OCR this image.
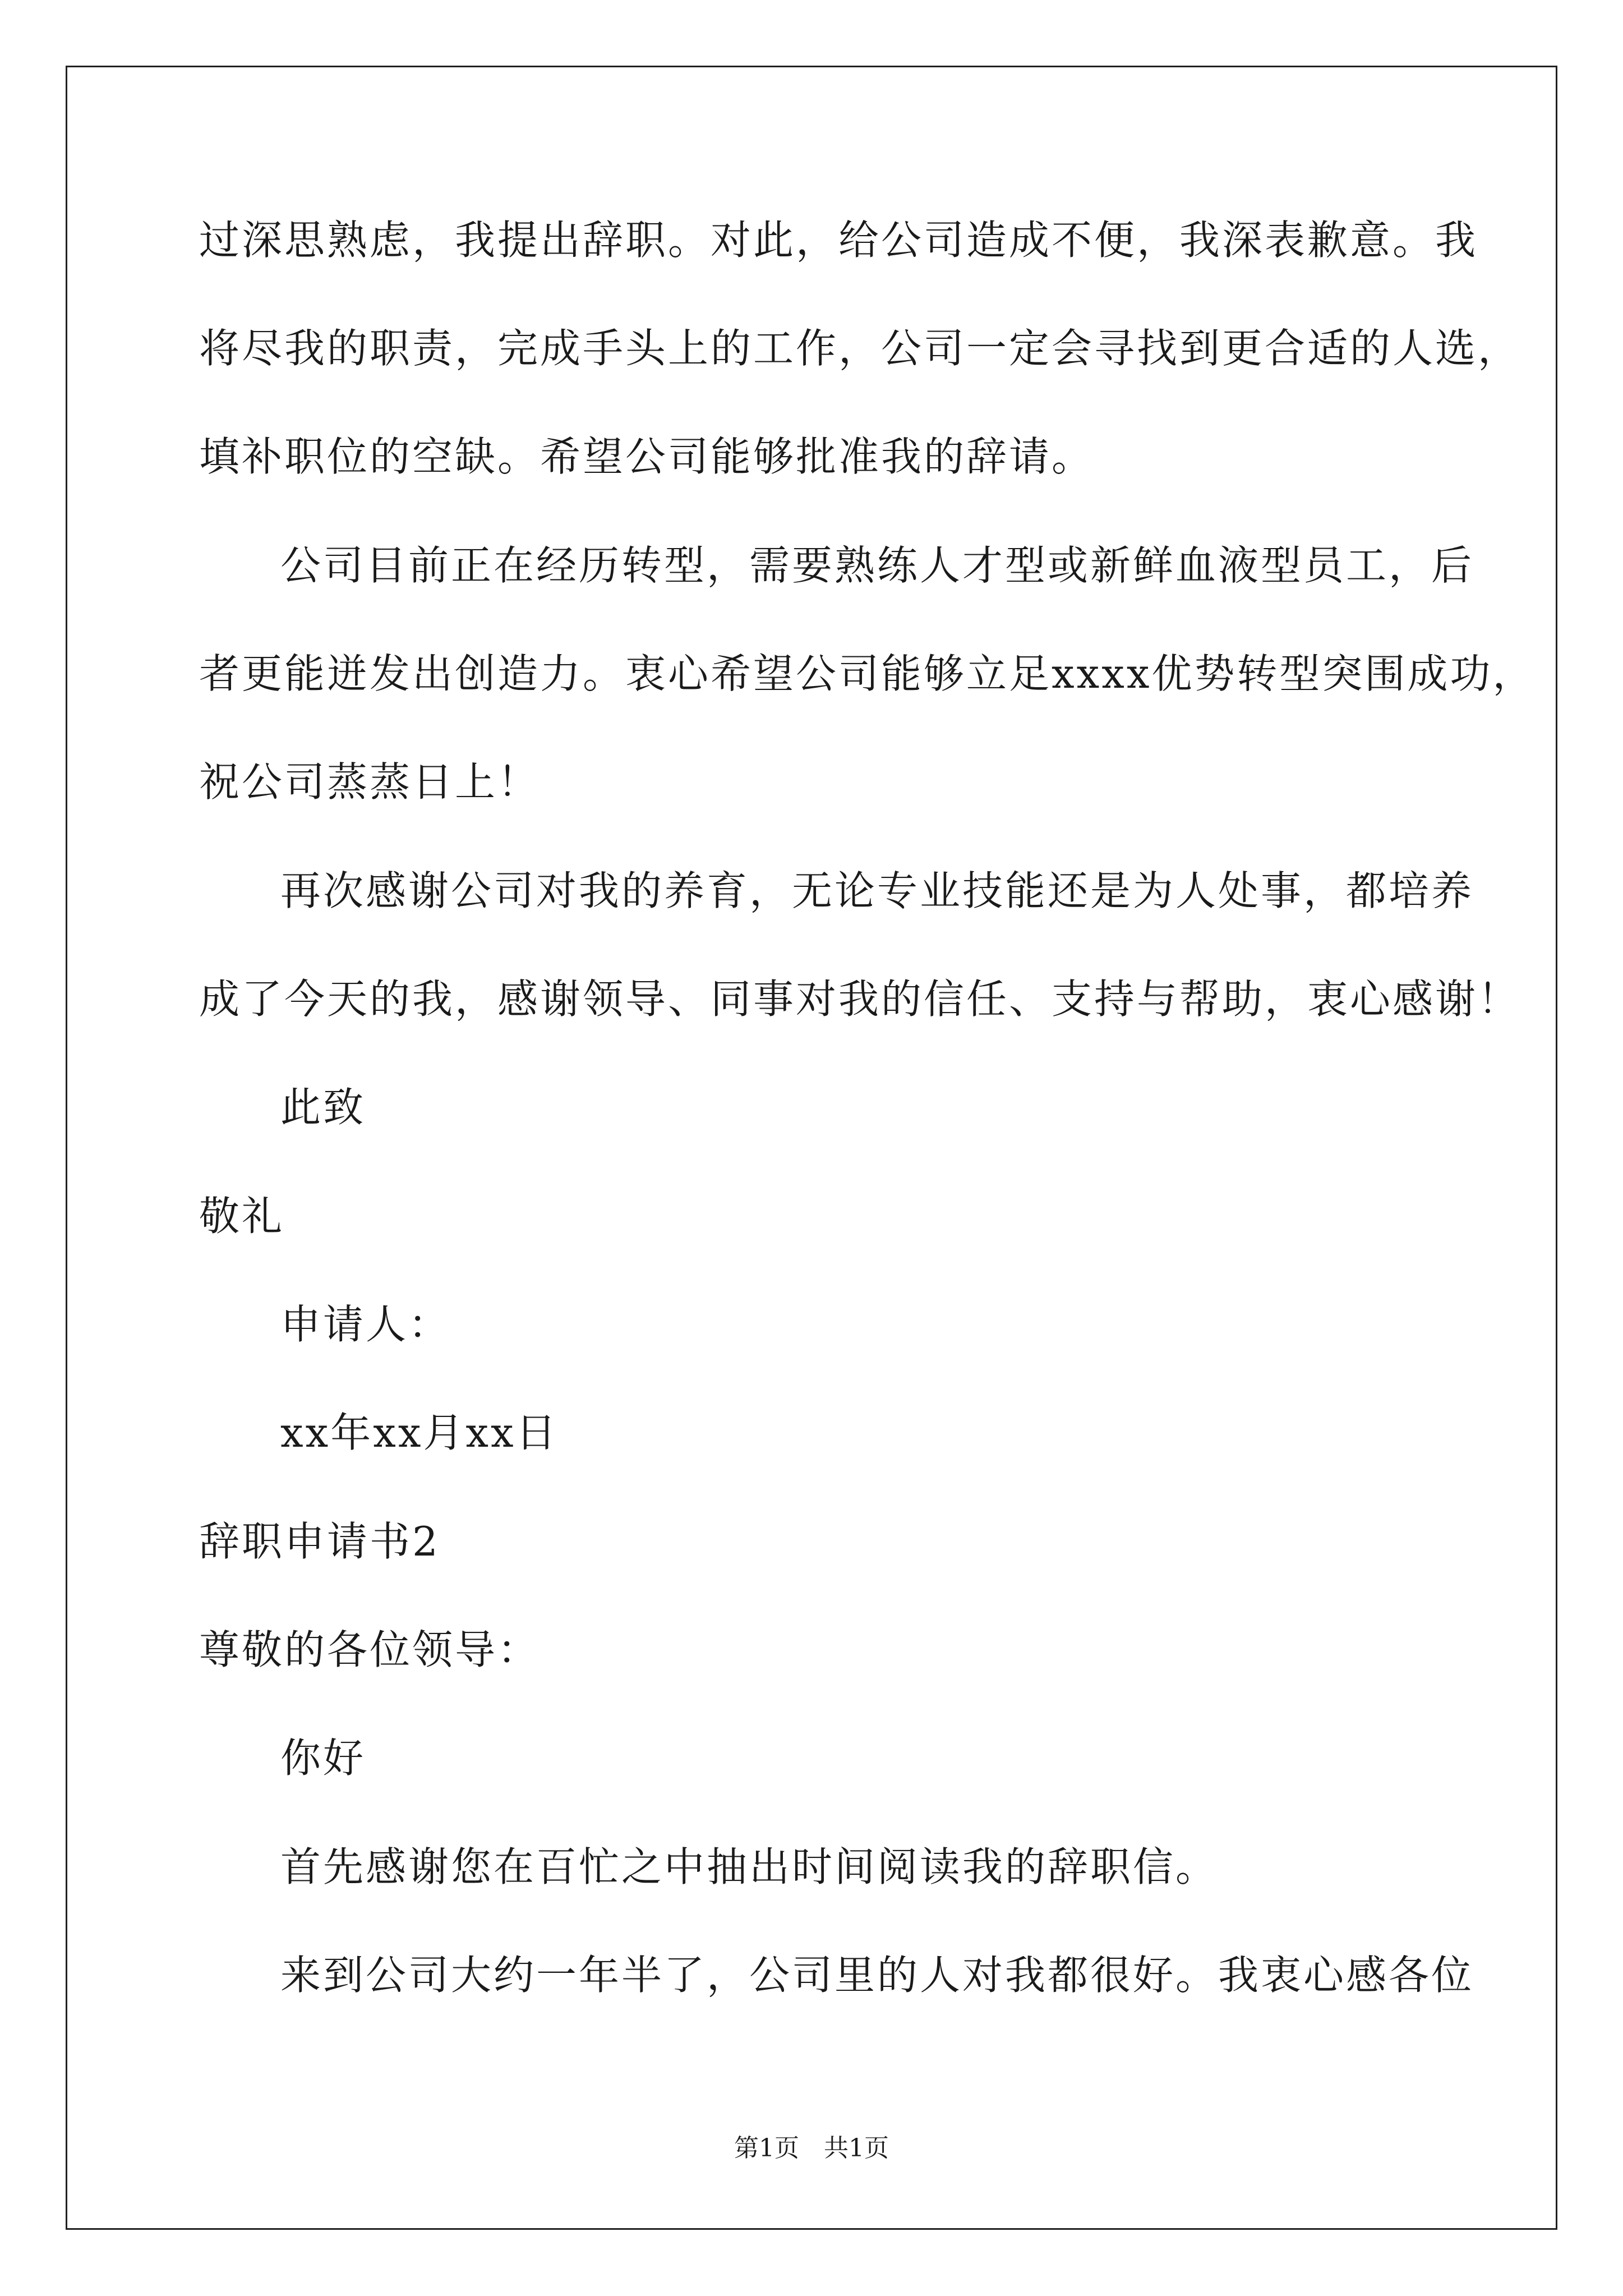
过深思熟虑，我提出辞职。对此，给公司造成不便，我深表歉意。我
将尽我的职责，完成手头上的工作，公司一定会寻找到更合适的人选，
填补职位的空缺。希望公司能够批准我的辞请。
公司目前正在经历转型，需要熟练人才型或新鲜血液型员工，后
者更能迸发出创造力。衷心希望公司能够立足xxxx优势转型突围成功，
祝公司蒸蒸日上！
再次感谢公司对我的养育，无论专业技能还是为人处事，都培养
成了今天的我，感谢领导、同事对我的信任、支持与帮助，衷心感谢！
此致
敬礼
申请人：
xx年xx月xx日
辞职申请书2
尊敬的各位领导：
你好
首先感谢您在百忙之中抽出时间阅读我的辞职信。
来到公司大约一年半了，公司里的人对我都很好。我衷心感各位
第1页　共1页
